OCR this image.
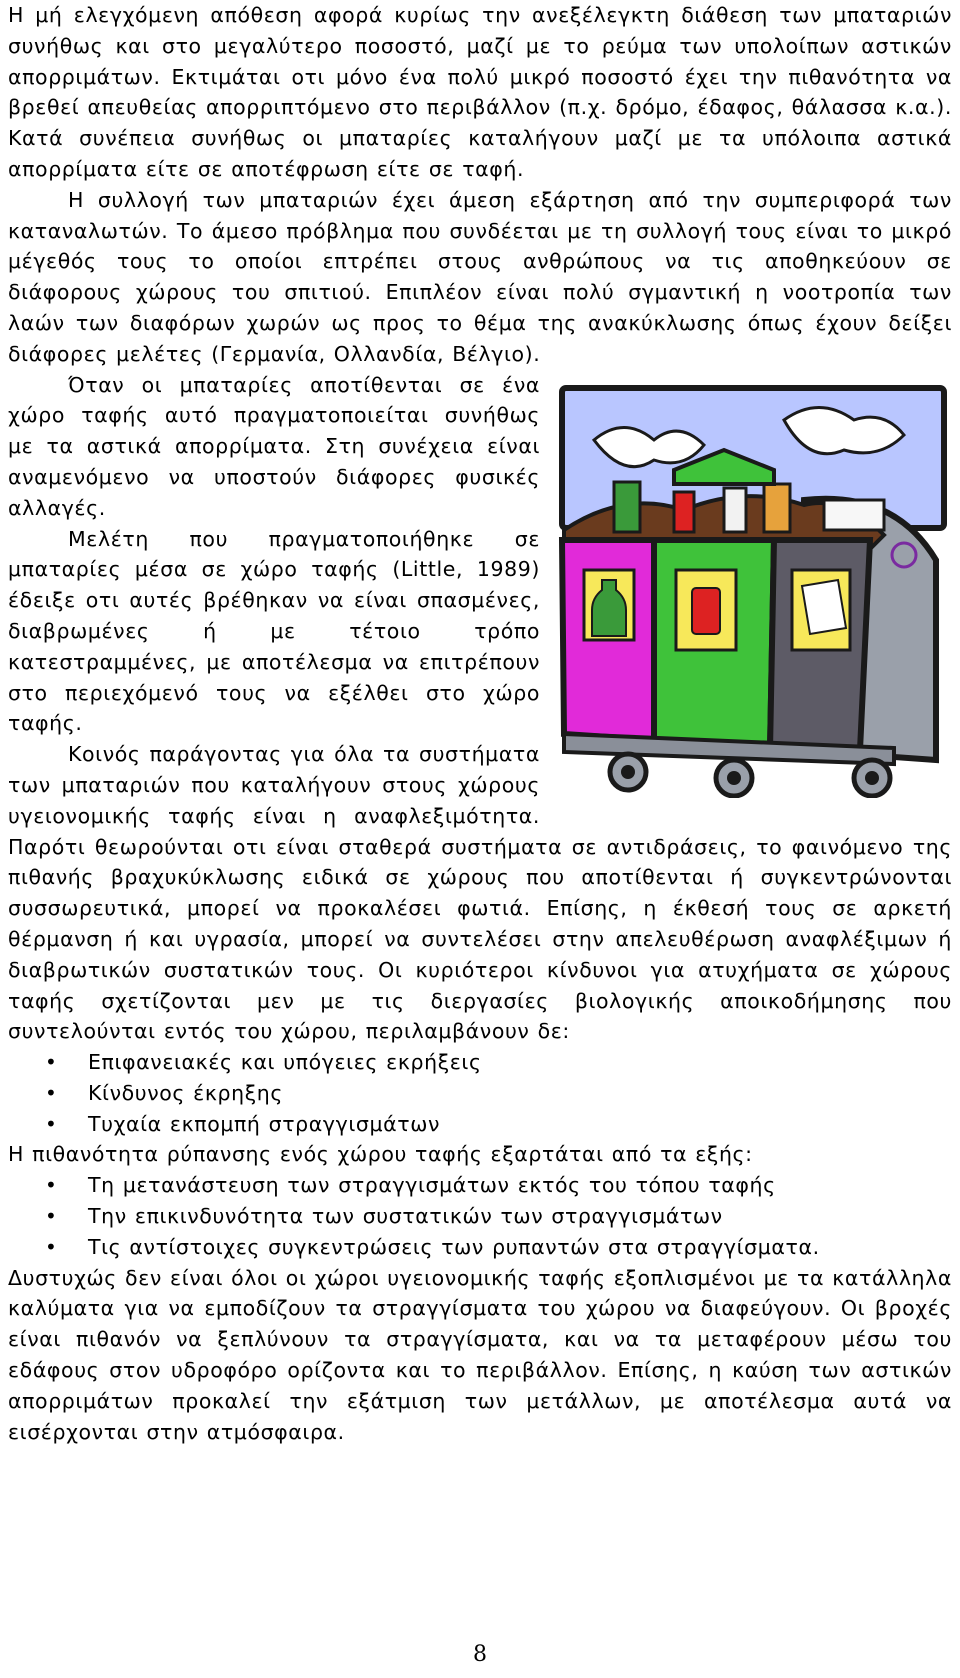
Η μή ελεγχόμενη απόθεση αφορά κυρίως την ανεξέλεγκτη διάθεση των μπαταριών συνήθως και στο μεγαλύτερο ποσοστό, μαζί με το ρεύμα των υπολοίπων αστικών απορριμάτων. Εκτιμάται οτι μόνο ένα πολύ μικρό ποσοστό έχει την πιθανότητα να βρεθεί απευθείας απορριπτόμενο στο περιβάλλον (π.χ. δρόμο, έδαφος, θάλασσα κ.α.). Κατά συνέπεια συνήθως οι μπαταρίες καταλήγουν μαζί με τα υπόλοιπα αστικά απορρίματα είτε σε αποτέφρωση είτε σε ταφή.

Η συλλογή των μπαταριών έχει άμεση εξάρτηση από την συμπεριφορά των καταναλωτών. Το άμεσο πρόβλημα που συνδέεται με τη συλλογή τους είναι το μικρό μέγεθός τους το οποίοι επτρέπει στους ανθρώπους να τις αποθηκεύουν σε διάφορους χώρους του σπιτιού. Επιπλέον είναι πολύ σγμαντική η νοοτροπία των λαών των διαφόρων χωρών ως προς το θέμα της ανακύκλωσης όπως έχουν δείξει διάφορες μελέτες (Γερμανία, Ολλανδία, Βέλγιο).

Όταν οι μπαταρίες αποτίθενται σε ένα χώρο ταφής αυτό πραγματοποιείται συνήθως με τα αστικά απορρίματα. Στη συνέχεια είναι αναμενόμενο να υποστούν διάφορες φυσικές αλλαγές.

Μελέτη που πραγματοποιήθηκε σε μπαταρίες μέσα σε χώρο ταφής (Little, 1989) έδειξε οτι αυτές βρέθηκαν να είναι σπασμένες, διαβρωμένες ή με τέτοιο τρόπο κατεστραμμένες, με αποτέλεσμα να επιτρέπουν στο περιεχόμενό τους να εξέλθει στο χώρο ταφής.

Κοινός παράγοντας για όλα τα συστήματα των μπαταριών που καταλήγουν στους χώρους υγειονομικής ταφής είναι η αναφλεξιμότητα. Παρότι θεωρούνται οτι είναι σταθερά συστήματα σε αντιδράσεις, το φαινόμενο της πιθανής βραχυκύκλωσης ειδικά σε χώρους που αποτίθενται ή συγκεντρώνονται συσσωρευτικά, μπορεί να προκαλέσει φωτιά. Επίσης, η έκθεσή τους σε αρκετή θέρμανση ή και υγρασία, μπορεί να συντελέσει στην απελευθέρωση αναφλέξιμων ή διαβρωτικών συστατικών τους. Οι κυριότεροι κίνδυνοι για ατυχήματα σε χώρους ταφής σχετίζονται μεν με τις διεργασίες βιολογικής αποικοδήμησης που συντελούνται εντός του χώρου, περιλαμβάνουν δε:

• Επιφανειακές και υπόγειες εκρήξεις
• Κίνδυνος έκρηξης
• Τυχαία εκπομπή στραγγισμάτων

Η πιθανότητα ρύπανσης ενός χώρου ταφής εξαρτάται από τα εξής:

• Τη μετανάστευση των στραγγισμάτων εκτός του τόπου ταφής
• Την επικινδυνότητα των συστατικών των στραγγισμάτων
• Τις αντίστοιχες συγκεντρώσεις των ρυπαντών στα στραγγίσματα.

Δυστυχώς δεν είναι όλοι οι χώροι υγειονομικής ταφής εξοπλισμένοι με τα κατάλληλα καλύματα για να εμποδίζουν τα στραγγίσματα του χώρου να διαφεύγουν. Οι βροχές είναι πιθανόν να ξεπλύνουν τα στραγγίσματα, και να τα μεταφέρουν μέσω του εδάφους στον υδροφόρο ορίζοντα και το περιβάλλον. Επίσης, η καύση των αστικών απορριμάτων προκαλεί την εξάτμιση των μετάλλων, με αποτέλεσμα αυτά να εισέρχονται στην ατμόσφαιρα.

8
